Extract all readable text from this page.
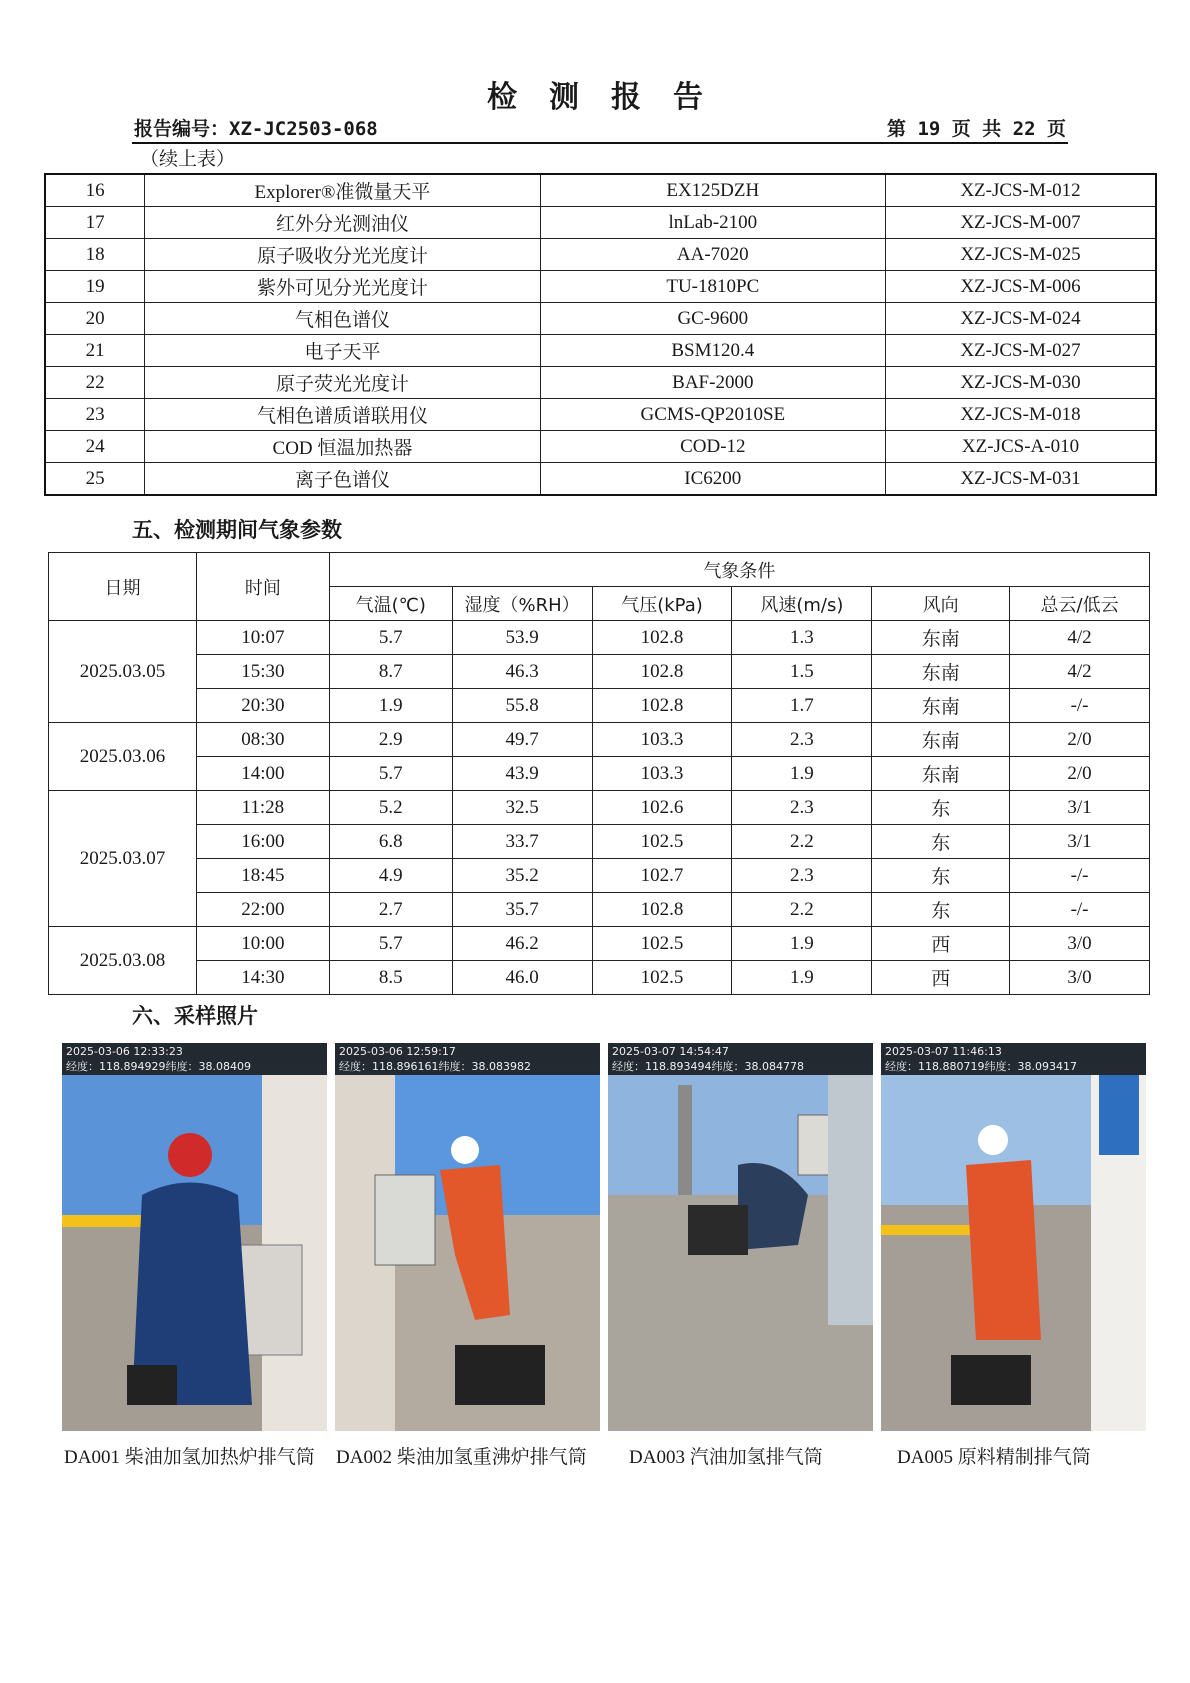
检测报告
报告编号：XZ-JC2503-068	第 19 页 共 22 页
（续上表）
16	Explorer®准微量天平	EX125DZH	XZ-JCS-M-012
17	红外分光测油仪	lnLab-2100	XZ-JCS-M-007
18	原子吸收分光光度计	AA-7020	XZ-JCS-M-025
19	紫外可见分光光度计	TU-1810PC	XZ-JCS-M-006
20	气相色谱仪	GC-9600	XZ-JCS-M-024
21	电子天平	BSM120.4	XZ-JCS-M-027
22	原子荧光光度计	BAF-2000	XZ-JCS-M-030
23	气相色谱质谱联用仪	GCMS-QP2010SE	XZ-JCS-M-018
24	COD 恒温加热器	COD-12	XZ-JCS-A-010
25	离子色谱仪	IC6200	XZ-JCS-M-031
五、检测期间气象参数
日期	时间	气象条件					
		气温(℃)	湿度（%RH）	气压(kPa)	风速(m/s)	风向	总云/低云
2025.03.05	10:07	5.7	53.9	102.8	1.3	东南	4/2
	15:30	8.7	46.3	102.8	1.5	东南	4/2
	20:30	1.9	55.8	102.8	1.7	东南	-/-
2025.03.06	08:30	2.9	49.7	103.3	2.3	东南	2/0
	14:00	5.7	43.9	103.3	1.9	东南	2/0
2025.03.07	11:28	5.2	32.5	102.6	2.3	东	3/1
	16:00	6.8	33.7	102.5	2.2	东	3/1
	18:45	4.9	35.2	102.7	2.3	东	-/-
	22:00	2.7	35.7	102.8	2.2	东	-/-
2025.03.08	10:00	5.7	46.2	102.5	1.9	西	3/0
	14:30	8.5	46.0	102.5	1.9	西	3/0
六、采样照片
2025-03-06 12:33:23
经度：118.894929纬度：38.08409
2025-03-06 12:59:17
经度：118.896161纬度：38.083982
2025-03-07 14:54:47
经度：118.893494纬度：38.084778
2025-03-07 11:46:13
经度：118.880719纬度：38.093417
DA001 柴油加氢加热炉排气筒 DA002 柴油加氢重沸炉排气筒 DA003 汽油加氢排气筒	DA005 原料精制排气筒
